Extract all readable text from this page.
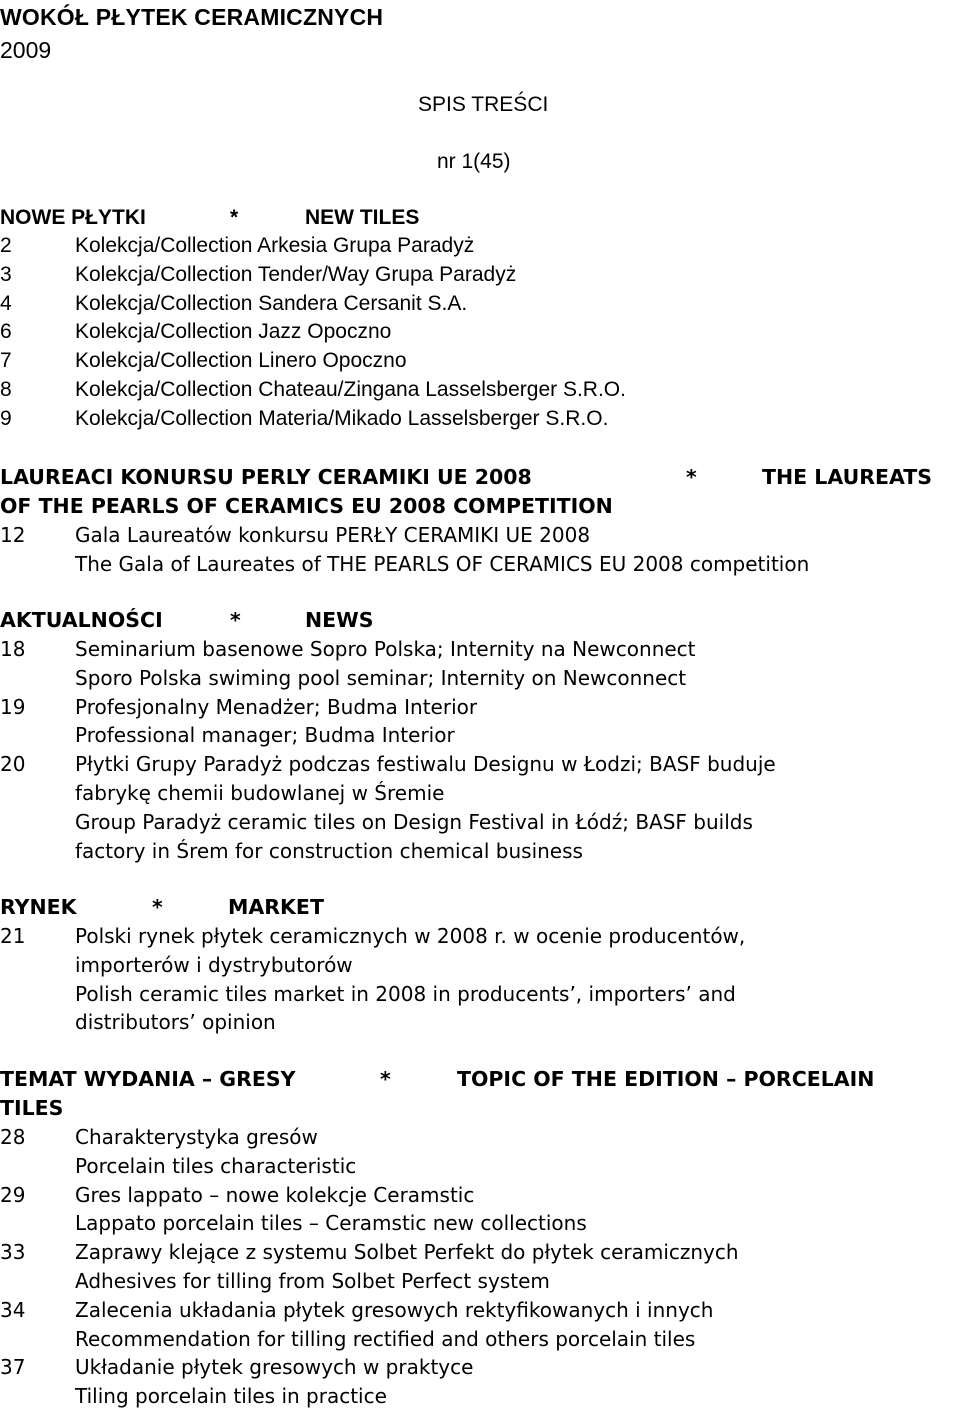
WOKÓŁ PŁYTEK CERAMICZNYCH
2009
SPIS TREŚCI
nr 1(45)
NOWE PŁYTKI	*	NEW TILES
2	Kolekcja/Collection Arkesia Grupa Paradyż
3	Kolekcja/Collection Tender/Way Grupa Paradyż
4	Kolekcja/Collection Sandera Cersanit S.A.
6	Kolekcja/Collection Jazz Opoczno
7	Kolekcja/Collection Linero Opoczno
8	Kolekcja/Collection Chateau/Zingana Lasselsberger S.R.O.
9	Kolekcja/Collection Materia/Mikado Lasselsberger S.R.O.
LAUREACI KONURSU PERLY CERAMIKI UE 2008	*	THE LAUREATS
OF THE PEARLS OF CERAMICS EU 2008 COMPETITION
12	Gala Laureatów konkursu PERŁY CERAMIKI UE 2008
The Gala of Laureates of THE PEARLS OF CERAMICS EU 2008 competition
AKTUALNOŚCI	*	NEWS
18	Seminarium basenowe Sopro Polska; Internity na Newconnect
Sporo Polska swiming pool seminar; Internity on Newconnect
19	Profesjonalny Menadżer; Budma Interior
Professional manager; Budma Interior
20	Płytki Grupy Paradyż podczas festiwalu Designu w Łodzi; BASF buduje
fabrykę chemii budowlanej w Śremie
Group Paradyż ceramic tiles on Design Festival in Łódź; BASF builds
factory in Śrem for construction chemical business
RYNEK	*	MARKET
21	Polski rynek płytek ceramicznych w 2008 r. w ocenie producentów,
importerów i dystrybutorów
Polish ceramic tiles market in 2008 in producents’, importers’ and
distributors’ opinion
TEMAT WYDANIA – GRESY	*	TOPIC OF THE EDITION – PORCELAIN
TILES
28	Charakterystyka gresów
Porcelain tiles characteristic
29	Gres lappato – nowe kolekcje Ceramstic
Lappato porcelain tiles – Ceramstic new collections
33	Zaprawy klejące z systemu Solbet Perfekt do płytek ceramicznych
Adhesives for tilling from Solbet Perfect system
34	Zalecenia układania płytek gresowych rektyfikowanych i innych
Recommendation for tilling rectified and others porcelain tiles
37	Układanie płytek gresowych w praktyce
Tiling porcelain tiles in practice
